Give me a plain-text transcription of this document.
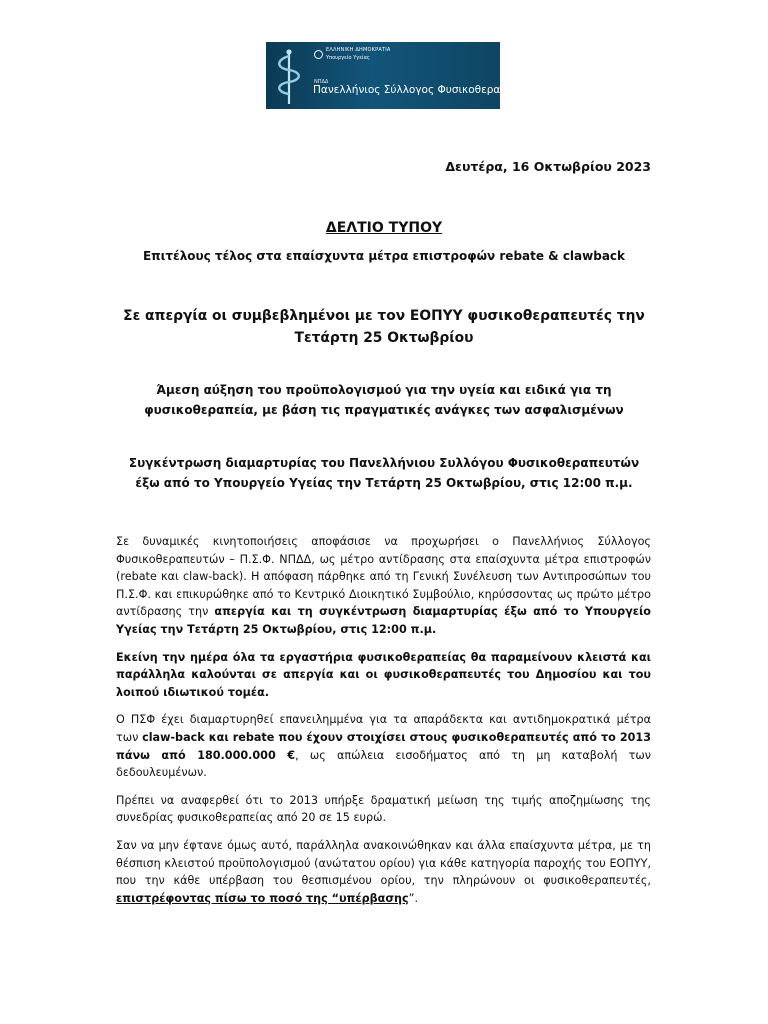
ΕΛΛΗΝΙΚΗ ΔΗΜΟΚΡΑΤΙΑ
Υπουργείο Υγείας
ΝΠΔΔ
Πανελλήνιος Σύλλογος Φυσικοθεραπευτών
Δευτέρα, 16 Οκτωβρίου 2023
ΔΕΛΤΙΟ ΤΥΠΟΥ
Επιτέλους τέλος στα επαίσχυντα μέτρα επιστροφών rebate & clawback
Σε απεργία οι συμβεβλημένοι με τον ΕΟΠΥΥ φυσικοθεραπευτές την Τετάρτη 25 Οκτωβρίου
Άμεση αύξηση του προϋπολογισμού για την υγεία και ειδικά για τη φυσικοθεραπεία, με βάση τις πραγματικές ανάγκες των ασφαλισμένων
Συγκέντρωση διαμαρτυρίας του Πανελλήνιου Συλλόγου Φυσικοθεραπευτών έξω από το Υπουργείο Υγείας την Τετάρτη 25 Οκτωβρίου, στις 12:00 π.μ.

Σε δυναμικές κινητοποιήσεις αποφάσισε να προχωρήσει ο Πανελλήνιος Σύλλογος Φυσικοθεραπευτών – Π.Σ.Φ. ΝΠΔΔ, ως μέτρο αντίδρασης στα επαίσχυντα μέτρα επιστροφών (rebate και claw-back). Η απόφαση πάρθηκε από τη Γενική Συνέλευση των Αντιπροσώπων του Π.Σ.Φ. και επικυρώθηκε από το Κεντρικό Διοικητικό Συμβούλιο, κηρύσσοντας ως πρώτο μέτρο αντίδρασης την απεργία και τη συγκέντρωση διαμαρτυρίας έξω από το Υπουργείο Υγείας την Τετάρτη 25 Οκτωβρίου, στις 12:00 π.μ.

Εκείνη την ημέρα όλα τα εργαστήρια φυσικοθεραπείας θα παραμείνουν κλειστά και παράλληλα καλούνται σε απεργία και οι φυσικοθεραπευτές του Δημοσίου και του λοιπού ιδιωτικού τομέα.

Ο ΠΣΦ έχει διαμαρτυρηθεί επανειλημμένα για τα απαράδεκτα και αντιδημοκρατικά μέτρα των claw-back και rebate που έχουν στοιχίσει στους φυσικοθεραπευτές από το 2013 πάνω από 180.000.000 €, ως απώλεια εισοδήματος από τη μη καταβολή των δεδουλευμένων.

Πρέπει να αναφερθεί ότι το 2013 υπήρξε δραματική μείωση της τιμής αποζημίωσης της συνεδρίας φυσικοθεραπείας από 20 σε 15 ευρώ.

Σαν να μην έφτανε όμως αυτό, παράλληλα ανακοινώθηκαν και άλλα επαίσχυντα μέτρα, με τη θέσπιση κλειστού προϋπολογισμού (ανώτατου ορίου) για κάθε κατηγορία παροχής του ΕΟΠΥΥ, που την κάθε υπέρβαση του θεσπισμένου ορίου, την πληρώνουν οι φυσικοθεραπευτές, επιστρέφοντας πίσω το ποσό της “υπέρβασης”.
